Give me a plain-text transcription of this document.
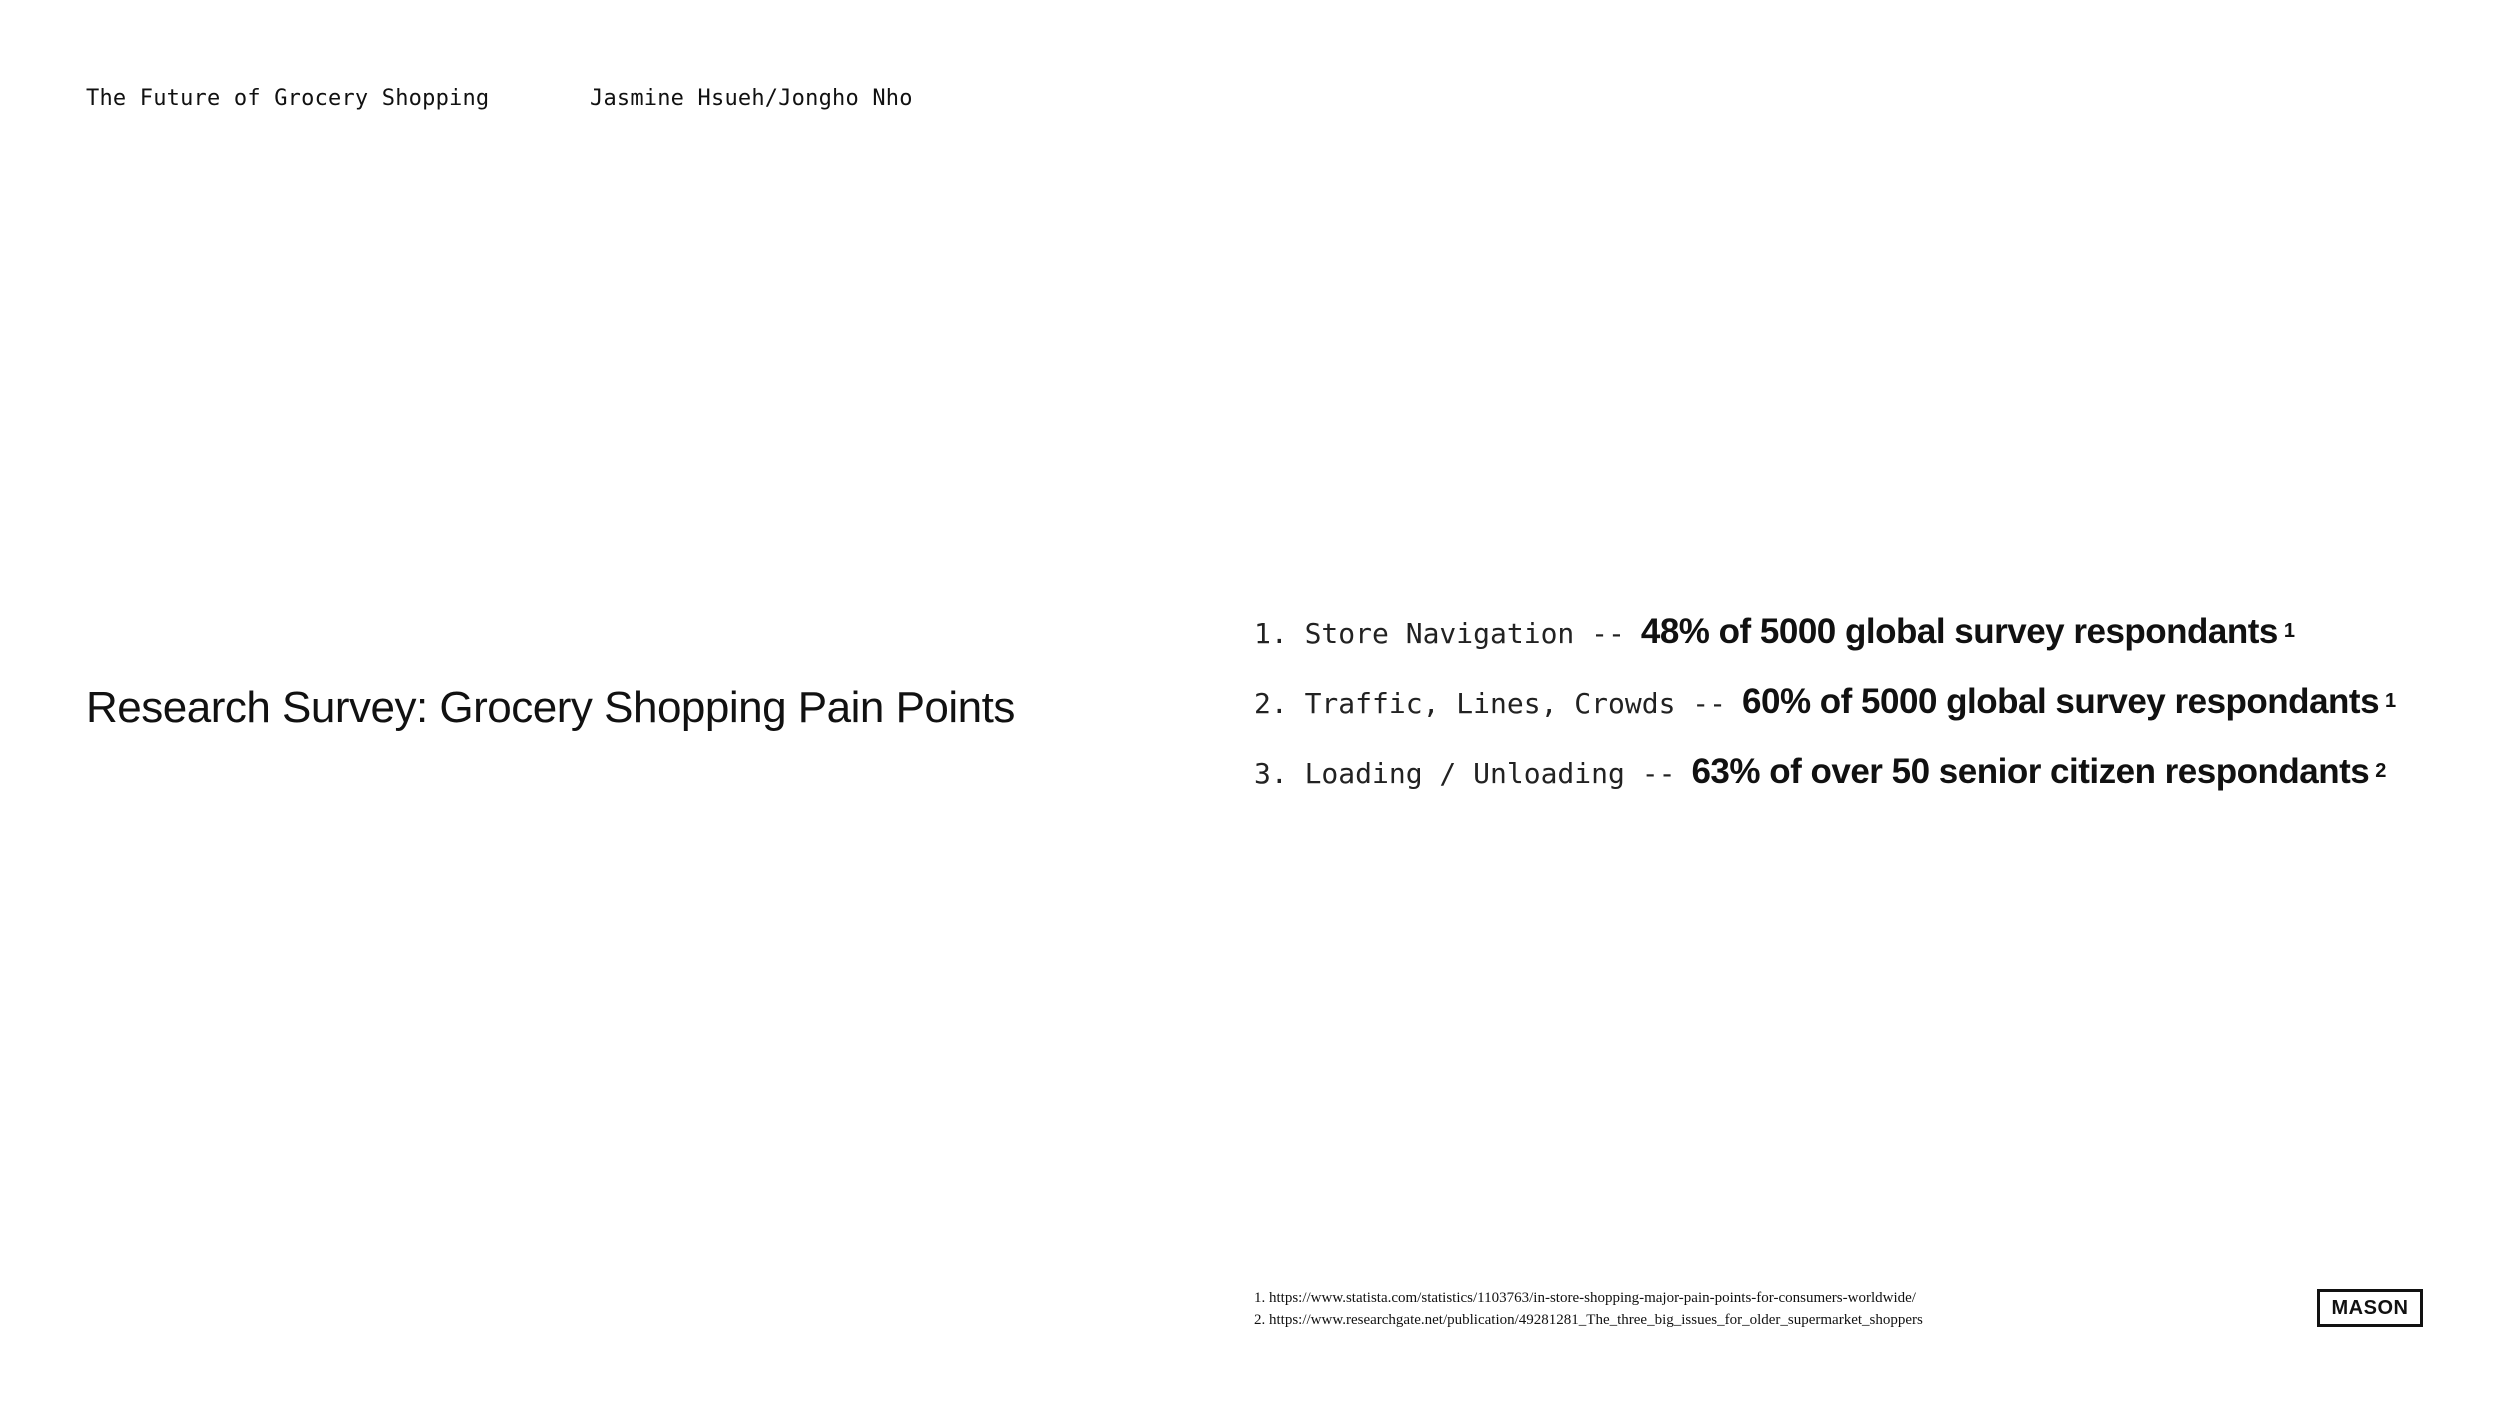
The Future of Grocery Shopping	Jasmine Hsueh/Jongho Nho
Research Survey: Grocery Shopping Pain Points
1. Store Navigation -- 48% of 5000 global survey respondants 1
2. Traffic, Lines, Crowds -- 60% of 5000 global survey respondants 1
3. Loading / Unloading -- 63% of over 50 senior citizen respondants 2
1. https://www.statista.com/statistics/1103763/in-store-shopping-major-pain-points-for-consumers-worldwide/
2. https://www.researchgate.net/publication/49281281_The_three_big_issues_for_older_supermarket_shoppers
MASON
